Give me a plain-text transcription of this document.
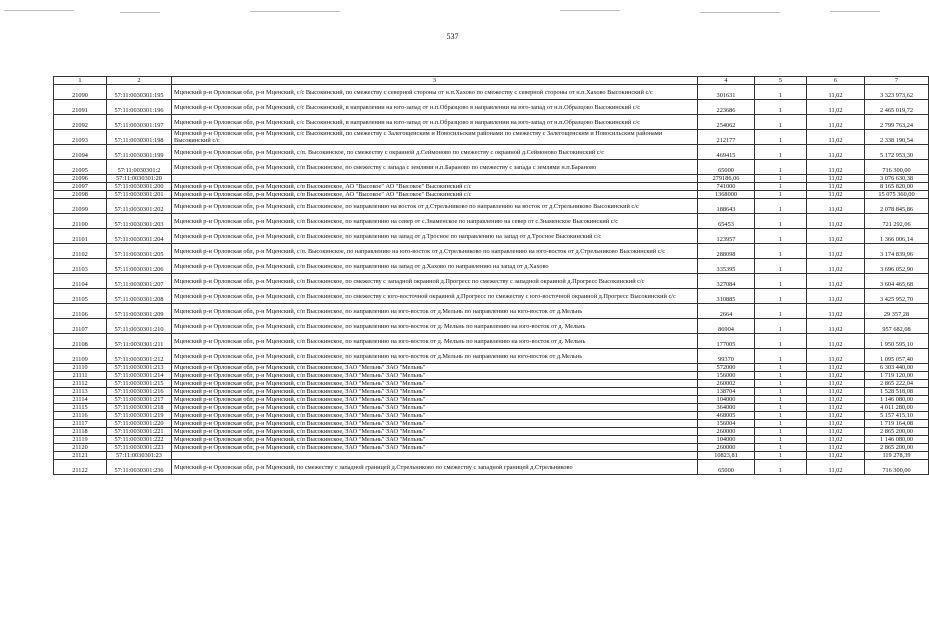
537
1	2	3	4	5	6	7
21090	57:11:0030301:195	Мценский р-н Орловская обл, р-н Мценский, с/с Высокинский, по смежеству с северной стороны от н.п.Хахово по смежеству с северной стороны от н.п.Хахово Высокинский с/с	301631	1	11,02	3 323 973,62
21091	57:11:0030301:196	Мценский р-н Орловская обл, р-н Мценский, с/с Высокинский, в направлении на юго-запад от н.п.Образцово в направлении на юго-запад от н.п.Образцово Высокинский с/с	223686	1	11,02	2 465 019,72
21092	57:11:0030301:197	Мценский р-н Орловская обл, р-н Мценский, с/с Высокинский, в направлении на юго-запад от н.п.Образцово в направлении на юго-запад от н.п.Образцово Высокинский с/с	254062	1	11,02	2 799 763,24
21093	57:11:0030301:198	Мценский р-н Орловская обл, р-н Мценский, с/с Высокинский, по смежеству с Залегощенским и Новосильским районами по смежеству с Залегощенским и Новосильским районами Высокинский с/с	212177	1	11,02	2 338 190,54
21094	57:11:0030301:199	Мценский р-н Орловская обл, р-н Мценский, с/п. Высокинское, по смежеству с окраиной д.Сеймоново по смежеству с окраиной д.Сеймоново Высокинский с/с	469415	1	11,02	5 172 953,30
21095	57:11:0030301:2	Мценский р-н Орловская обл, р-н Мценский, с/п Высокинское, по смежеству с запада с землями н.п.Бараново по смежеству с запада с землями н.п.Бараново	65000	1	11,02	716 300,00
21096	57:11:0030301:20		279186,06	1	11,02	3 076 630,38
21097	57:11:0030301:200	Мценский р-н Орловская обл, р-н Мценский, с/п Высокинское, АО "Высокое" АО "Высокое" Высокинский с/с	741000	1	11,02	8 165 820,00
21098	57:11:0030301:201	Мценский р-н Орловская обл, р-н Мценский, с/п Высокинское, АО "Высокое" АО "Высокое" Высокинский с/с	1368000	1	11,02	15 075 360,00
21099	57:11:0030301:202	Мценский р-н Орловская обл, р-н Мценский, с/п Высокинское, по направлению на восток от д.Стрельниково по направлению на восток от д.Стрельниково Высокинский с/с	188643	1	11,02	2 078 845,86
21100	57:11:0030301:203	Мценский р-н Орловская обл, р-н Мценский, с/п Высокинское, по направлению на север от с.Знаменское по направлению на север от с.Знаменское Высокинский с/с	65453	1	11,02	721 292,06
21101	57:11:0030301:204	Мценский р-н Орловская обл, р-н Мценский, с/п Высокинское, по направлению на запад от д.Тросное по направлению на запад от д.Тросное Высокинский с/с	123957	1	11,02	1 366 006,14
21102	57:11:0030301:205	Мценский р-н Орловская обл, р-н Мценский, с/п. Высокинское, по направлению на юго-восток от д.Стрельниково по направлению на юго-восток от д.Стрельниково Высокинский с/с	288098	1	11,02	3 174 839,96
21103	57:11:0030301:206	Мценский р-н Орловская обл, р-н Мценский, с/п Высокинское, по направлению на запад от д.Хахово по направлению на запад от д.Хахово	335395	1	11,02	3 696 052,90
21104	57:11:0030301:207	Мценский р-н Орловская обл, р-н Мценский, с/п Высокинское, по смежеству с западной окраиной д.Прогресс по смежеству с западной окраиной д.Прогресс Высокинский с/с	327084	1	11,02	3 604 465,68
21105	57:11:0030301:208	Мценский р-н Орловская обл, р-н Мценский, с/п Высокинское, по смежеству с юго-восточной окраиной д.Прогресс по смежеству с юго-восточной окраиной д.Прогресс Высокинский с/с	310885	1	11,02	3 425 952,70
21106	57:11:0030301:209	Мценский р-н Орловская обл, р-н Мценский, с/п Высокинское, по направлению на юго-восток от д.Мельнь по направлению на юго-восток от д.Мельнь	2664	1	11,02	29 357,28
21107	57:11:0030301:210	Мценский р-н Орловская обл, р-н Мценский, с/п Высокинское, по направлению на юго-восток от д. Мельнь по направлению на юго-восток от д. Мельнь	86904	1	11,02	957 682,08
21108	57:11:0030301:211	Мценский р-н Орловская обл, р-н Мценский, с/п Высокинское, по направлению на юго-восток от д. Мельнь по направлению на юго-восток от д. Мельнь	177005	1	11,02	1 950 595,10
21109	57:11:0030301:212	Мценский р-н Орловская обл, р-н Мценский, с/п Высокинское, по направлению на юго-восток от д.Мельнь по направлению на юго-восток от д.Мельнь	99370	1	11,02	1 095 057,40
21110	57:11:0030301:213	Мценский р-н Орловская обл, р-н Мценский, с/п Высокинское, ЗАО "Мельнь" ЗАО "Мельнь"	572000	1	11,02	6 303 440,00
21111	57:11:0030301:214	Мценский р-н Орловская обл, р-н Мценский, с/п Высокинское, ЗАО "Мельнь" ЗАО "Мельнь"	156000	1	11,02	1 719 120,00
21112	57:11:0030301:215	Мценский р-н Орловская обл, р-н Мценский, с/п Высокинское, ЗАО "Мельнь" ЗАО "Мельнь"	260002	1	11,02	2 865 222,04
21113	57:11:0030301:216	Мценский р-н Орловская обл, р-н Мценский, с/п Высокинское, ЗАО "Мельнь" ЗАО "Мельнь"	138704	1	11,02	1 528 518,08
21114	57:11:0030301:217	Мценский р-н Орловская обл, р-н Мценский, с/п Высокинское, ЗАО "Мельнь" ЗАО "Мельнь"	104000	1	11,02	1 146 080,00
21115	57:11:0030301:218	Мценский р-н Орловская обл, р-н Мценский, с/п Высокинское, ЗАО "Мельнь" ЗАО "Мельнь"	364000	1	11,02	4 011 280,00
21116	57:11:0030301:219	Мценский р-н Орловская обл, р-н Мценский, с/п Высокинское, ЗАО "Мельнь" ЗАО "Мельнь"	468005	1	11,02	5 157 415,10
21117	57:11:0030301:220	Мценский р-н Орловская обл, р-н Мценский, с/п Высокинское, ЗАО "Мельнь" ЗАО "Мельнь"	156004	1	11,02	1 719 164,08
21118	57:11:0030301:221	Мценский р-н Орловская обл, р-н Мценский, с/п Высокинское, ЗАО "Мельнь" ЗАО "Мельнь"	260000	1	11,02	2 865 200,00
21119	57:11:0030301:222	Мценский р-н Орловская обл, р-н Мценский, с/п Высокинское, ЗАО "Мельнь" ЗАО "Мельнь"	104000	1	11,02	1 146 080,00
21120	57:11:0030301:223	Мценский р-н Орловская обл, р-н Мценский, с/п Высокинское, ЗАО "Мельнь" ЗАО "Мельнь"	260000	1	11,02	2 865 200,00
21121	57:11:0030301:23		10823,81	1	11,02	119 278,39
21122	57:11:0030301:236	Мценский р-н Орловская обл, р-н Мценский, по смежеству с западной границей д.Стрельниково по смежеству с западной границей д.Стрельниково	65000	1	11,02	716 300,00
